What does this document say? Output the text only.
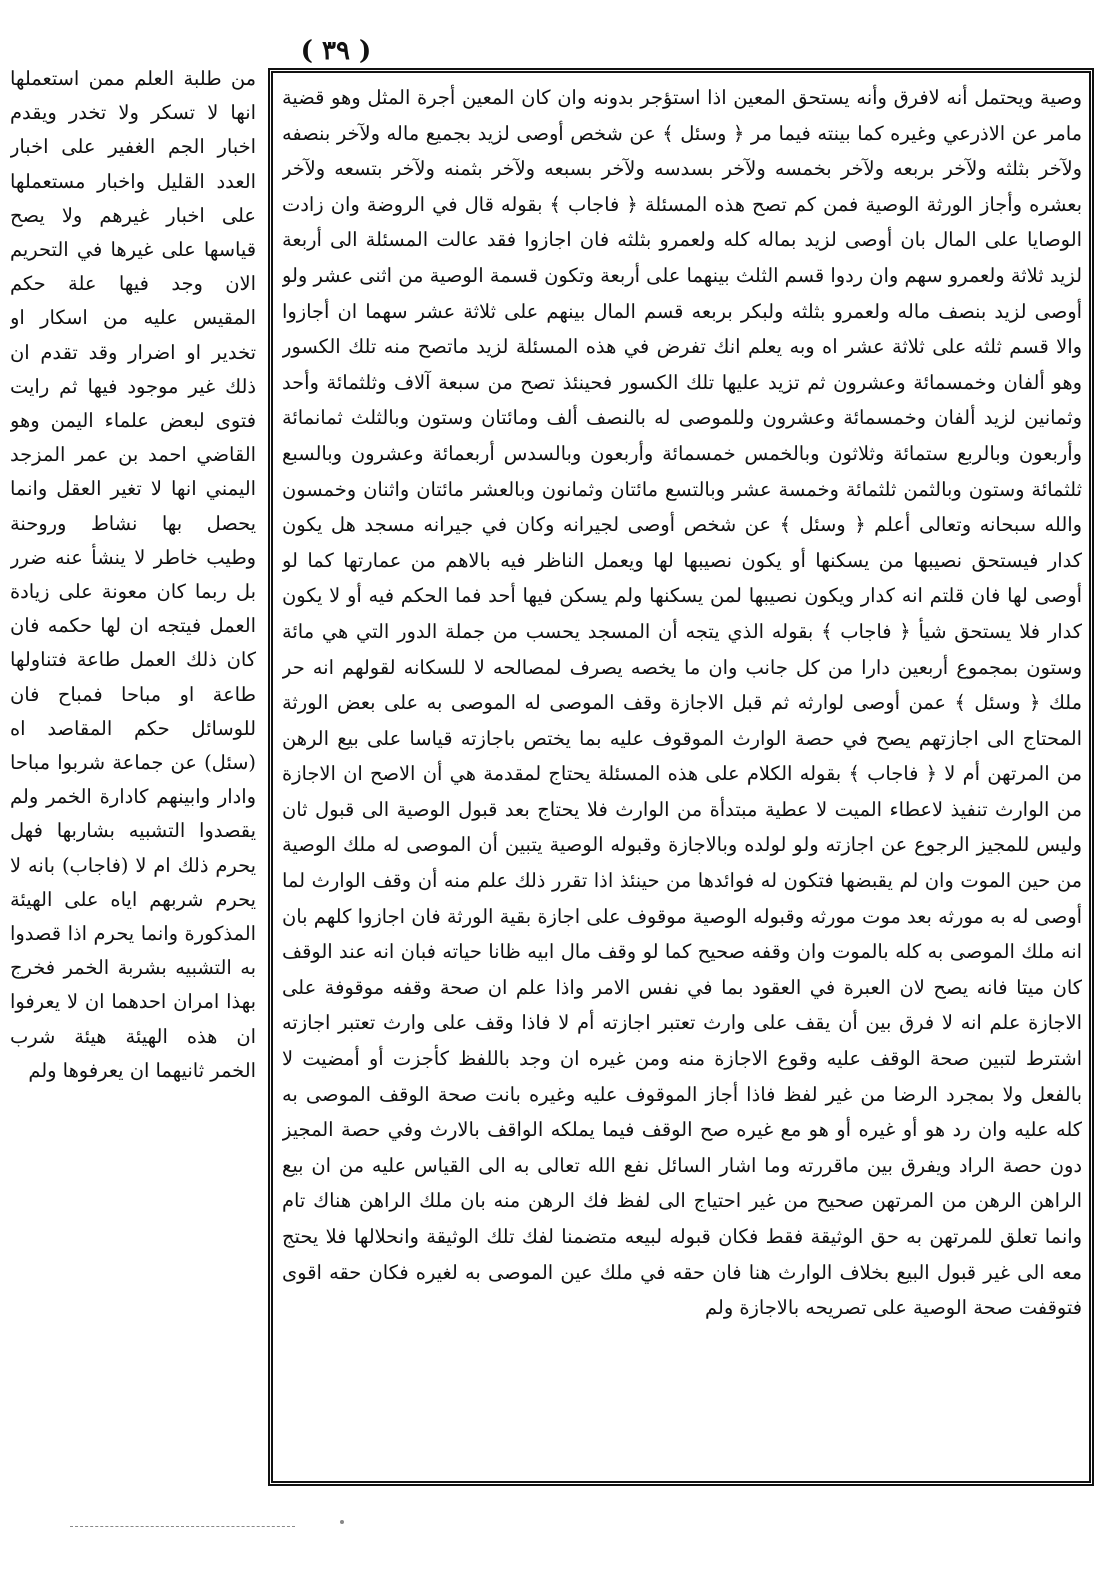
( ٣٩ )

من طلبة العلم ممن استعملها انها لا تسكر ولا تخدر ويقدم اخبار الجم الغفير على اخبار العدد القليل واخبار مستعملها على اخبار غيرهم ولا يصح قياسها على غيرها في التحريم الان وجد فيها علة حكم المقيس عليه من اسكار او تخدير او اضرار وقد تقدم ان ذلك غير موجود فيها ثم رايت فتوى لبعض علماء اليمن وهو القاضي احمد بن عمر المزجد اليمني انها لا تغير العقل وانما يحصل بها نشاط وروحنة وطيب خاطر لا ينشأ عنه ضرر بل ربما كان معونة على زيادة العمل فيتجه ان لها حكمه فان كان ذلك العمل طاعة فتناولها طاعة او مباحا فمباح فان للوسائل حكم المقاصد اه (سئل) عن جماعة شربوا مباحا وادار وابينهم كادارة الخمر ولم يقصدوا التشبيه بشاربها فهل يحرم ذلك ام لا (فاجاب) بانه لا يحرم شربهم اياه على الهيئة المذكورة وانما يحرم اذا قصدوا به التشبيه بشربة الخمر فخرج بهذا امران احدهما ان لا يعرفوا ان هذه الهيئة هيئة شرب الخمر ثانيهما ان يعرفوها ولم

وصية ويحتمل أنه لافرق وأنه يستحق المعين اذا استؤجر بدونه وان كان المعين أجرة المثل وهو قضية مامر عن الاذرعي وغيره كما بينته فيما مر ﴿ وسئل ﴾ عن شخص أوصى لزيد بجميع ماله ولآخر بنصفه ولآخر بثلثه ولآخر بربعه ولآخر بخمسه ولآخر بسدسه ولآخر بسبعه ولآخر بثمنه ولآخر بتسعه ولآخر بعشره وأجاز الورثة الوصية فمن كم تصح هذه المسئلة ﴿ فاجاب ﴾ بقوله قال في الروضة وان زادت الوصايا على المال بان أوصى لزيد بماله كله ولعمرو بثلثه فان اجازوا فقد عالت المسئلة الى أربعة لزيد ثلاثة ولعمرو سهم وان ردوا قسم الثلث بينهما على أربعة وتكون قسمة الوصية من اثنى عشر ولو أوصى لزيد بنصف ماله ولعمرو بثلثه ولبكر بربعه قسم المال بينهم على ثلاثة عشر سهما ان أجازوا والا قسم ثلثه على ثلاثة عشر اه وبه يعلم انك تفرض في هذه المسئلة لزيد ماتصح منه تلك الكسور وهو ألفان وخمسمائة وعشرون ثم تزيد عليها تلك الكسور فحينئذ تصح من سبعة آلاف وثلثمائة وأحد وثمانين لزيد ألفان وخمسمائة وعشرون وللموصى له بالنصف ألف ومائتان وستون وبالثلث ثمانمائة وأربعون وبالربع ستمائة وثلاثون وبالخمس خمسمائة وأربعون وبالسدس أربعمائة وعشرون وبالسبع ثلثمائة وستون وبالثمن ثلثمائة وخمسة عشر وبالتسع مائتان وثمانون وبالعشر مائتان واثنان وخمسون والله سبحانه وتعالى أعلم ﴿ وسئل ﴾ عن شخص أوصى لجيرانه وكان في جيرانه مسجد هل يكون كدار فيستحق نصيبها من يسكنها أو يكون نصيبها لها ويعمل الناظر فيه بالاهم من عمارتها كما لو أوصى لها فان قلتم انه كدار ويكون نصيبها لمن يسكنها ولم يسكن فيها أحد فما الحكم فيه أو لا يكون كدار فلا يستحق شيأ ﴿ فاجاب ﴾ بقوله الذي يتجه أن المسجد يحسب من جملة الدور التي هي مائة وستون بمجموع أربعين دارا من كل جانب وان ما يخصه يصرف لمصالحه لا للسكانه لقولهم انه حر ملك ﴿ وسئل ﴾ عمن أوصى لوارثه ثم قبل الاجازة وقف الموصى له الموصى به على بعض الورثة المحتاج الى اجازتهم يصح في حصة الوارث الموقوف عليه بما يختص باجازته قياسا على بيع الرهن من المرتهن أم لا ﴿ فاجاب ﴾ بقوله الكلام على هذه المسئلة يحتاج لمقدمة هي أن الاصح ان الاجازة من الوارث تنفيذ لاعطاء الميت لا عطية مبتدأة من الوارث فلا يحتاج بعد قبول الوصية الى قبول ثان وليس للمجيز الرجوع عن اجازته ولو لولده وبالاجازة وقبوله الوصية يتبين أن الموصى له ملك الوصية من حين الموت وان لم يقبضها فتكون له فوائدها من حينئذ اذا تقرر ذلك علم منه أن وقف الوارث لما أوصى له به مورثه بعد موت مورثه وقبوله الوصية موقوف على اجازة بقية الورثة فان اجازوا كلهم بان انه ملك الموصى به كله بالموت وان وقفه صحيح كما لو وقف مال ابيه ظانا حياته فبان انه عند الوقف كان ميتا فانه يصح لان العبرة في العقود بما في نفس الامر واذا علم ان صحة وقفه موقوفة على الاجازة علم انه لا فرق بين أن يقف على وارث تعتبر اجازته أم لا فاذا وقف على وارث تعتبر اجازته اشترط لتبين صحة الوقف عليه وقوع الاجازة منه ومن غيره ان وجد باللفظ كأجزت أو أمضيت لا بالفعل ولا بمجرد الرضا من غير لفظ فاذا أجاز الموقوف عليه وغيره بانت صحة الوقف الموصى به كله عليه وان رد هو أو غيره أو هو مع غيره صح الوقف فيما يملكه الواقف بالارث وفي حصة المجيز دون حصة الراد ويفرق بين ماقررته وما اشار السائل نفع الله تعالى به الى القياس عليه من ان بيع الراهن الرهن من المرتهن صحيح من غير احتياج الى لفظ فك الرهن منه بان ملك الراهن هناك تام وانما تعلق للمرتهن به حق الوثيقة فقط فكان قبوله لبيعه متضمنا لفك تلك الوثيقة وانحلالها فلا يحتج معه الى غير قبول البيع بخلاف الوارث هنا فان حقه في ملك عين الموصى به لغيره فكان حقه اقوى فتوقفت صحة الوصية على تصريحه بالاجازة ولم
